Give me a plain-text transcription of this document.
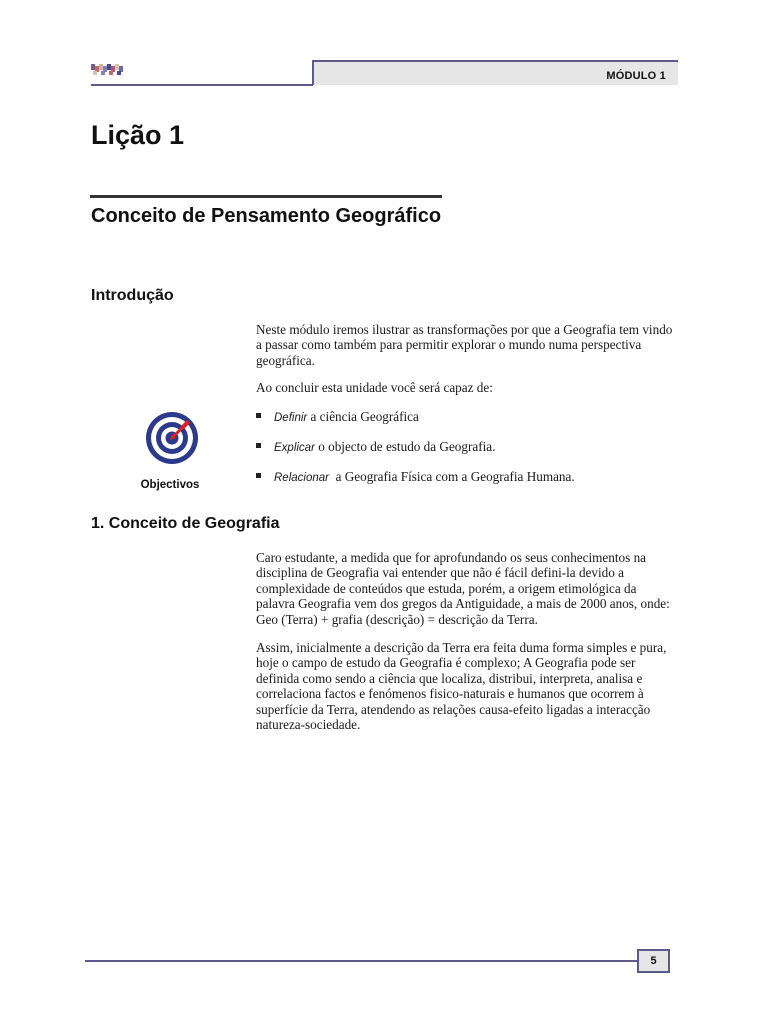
MÓDULO 1
Lição 1
Conceito de Pensamento Geográfico
Introdução
Neste módulo iremos ilustrar as transformações por que a Geografia tem vindo a passar como também para permitir explorar o mundo numa perspectiva geográfica.
Ao concluir esta unidade você será capaz de:
Definir a ciência Geográfica
Explicar o objecto de estudo da Geografia.
Relacionar  a Geografia Física com a Geografia Humana.
Objectivos
1. Conceito de Geografia
Caro estudante, a medida que for aprofundando os seus conhecimentos na disciplina de Geografia vai entender que não é fácil defini-la devido a complexidade de conteúdos que estuda, porém, a origem etimológica da palavra Geografia vem dos gregos da Antiguidade, a mais de 2000 anos, onde: Geo (Terra) + grafia (descrição) = descrição da Terra.
Assim, inicialmente a descrição da Terra era feita duma forma simples e pura, hoje o campo de estudo da Geografia é complexo; A Geografia pode ser definida como sendo a ciência que localiza, distribui, interpreta, analisa e correlaciona factos e fenómenos fisico-naturais e humanos que ocorrem à superfície da Terra, atendendo as relações causa-efeito ligadas a interacção natureza-sociedade.
5
